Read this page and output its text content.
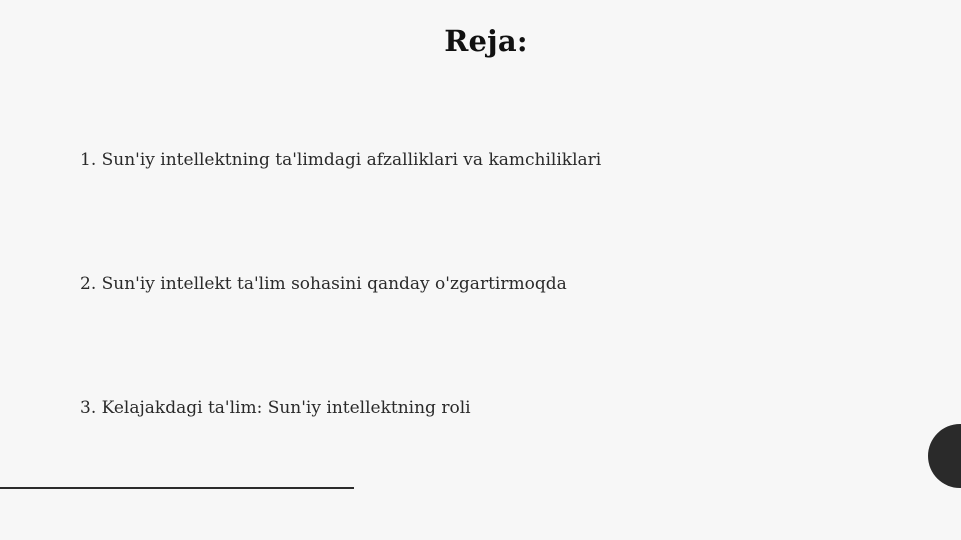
Reja:
1. Sun'iy intellektning ta'limdagi afzalliklari va kamchiliklari
2. Sun'iy intellekt ta'lim sohasini qanday o'zgartirmoqda
3. Kelajakdagi ta'lim: Sun'iy intellektning roli
